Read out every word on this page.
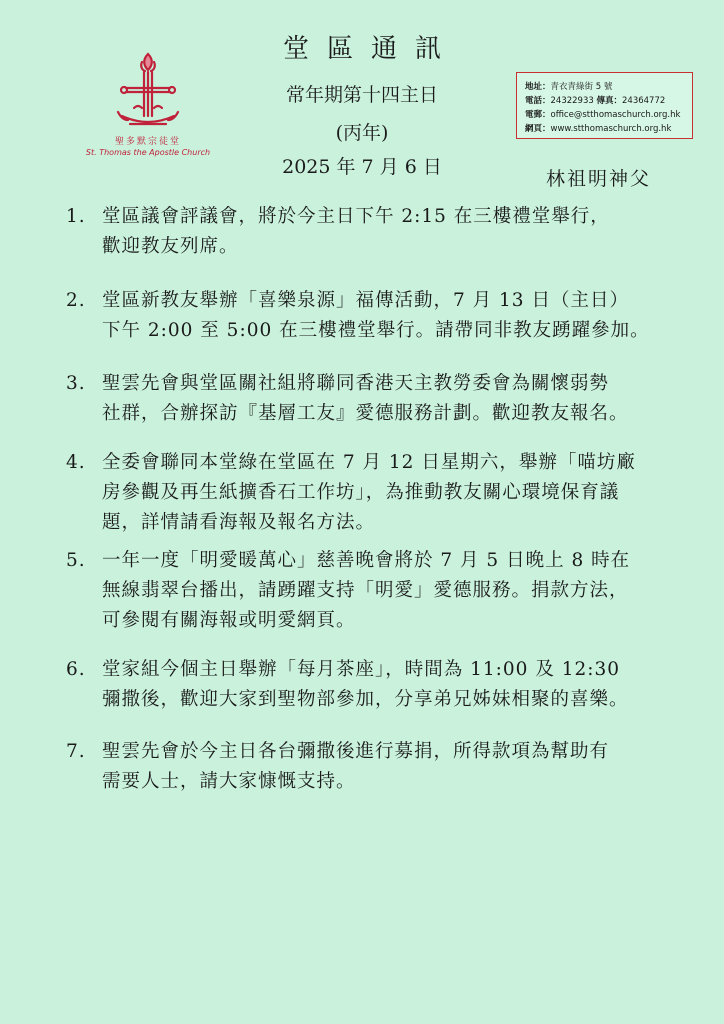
堂區通訊
常年期第十四主日
(丙年)
2025 年 7 月 6 日
林祖明神父
聖多默宗徒堂
St. Thomas the Apostle Church
地址：青衣青綠街 5 號
電話：24322933 傳真：24364772
電郵：office@stthomaschurch.org.hk
網頁：www.stthomaschurch.org.hk
1. 堂區議會評議會，將於今主日下午 2:15 在三樓禮堂舉行，
歡迎教友列席。
2. 堂區新教友舉辦「喜樂泉源」福傳活動，7 月 13 日（主日）
下午 2:00 至 5:00 在三樓禮堂舉行。請帶同非教友踴躍參加。
3. 聖雲先會與堂區關社組將聯同香港天主教勞委會為關懷弱勢
社群，合辦探訪『基層工友』愛德服務計劃。歡迎教友報名。
4. 全委會聯同本堂綠在堂區在 7 月 12 日星期六，舉辦「喵坊廠
房參觀及再生紙擴香石工作坊」，為推動教友關心環境保育議
題，詳情請看海報及報名方法。
5. 一年一度「明愛暖萬心」慈善晚會將於 7 月 5 日晚上 8 時在
無線翡翠台播出，請踴躍支持「明愛」愛德服務。捐款方法，
可參閱有關海報或明愛網頁。
6. 堂家組今個主日舉辦「每月茶座」，時間為 11:00 及 12:30
彌撒後，歡迎大家到聖物部參加，分享弟兄姊妹相聚的喜樂。
7. 聖雲先會於今主日各台彌撒後進行募捐，所得款項為幫助有
需要人士，請大家慷慨支持。
